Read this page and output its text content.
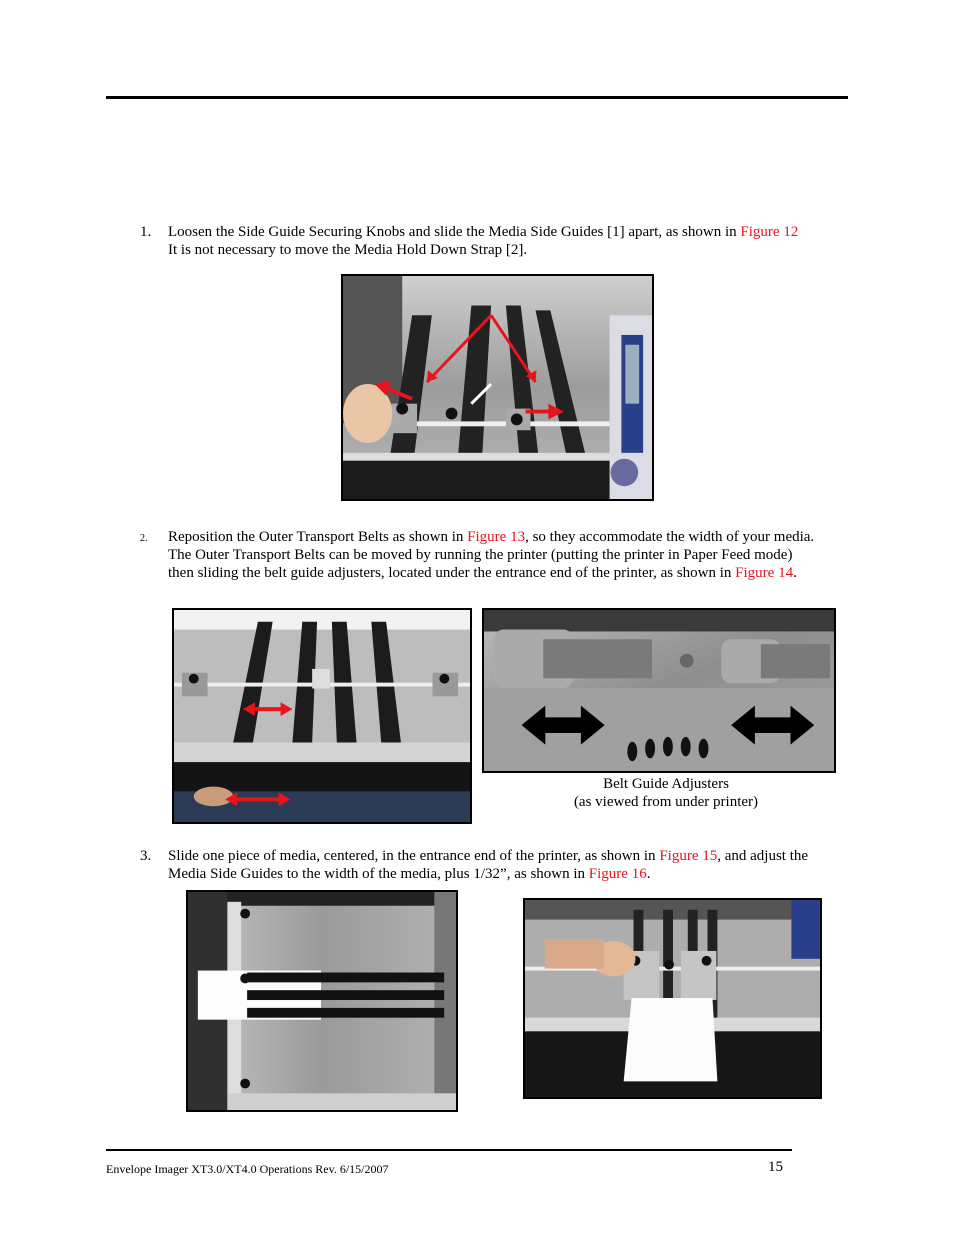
1. Loosen the Side Guide Securing Knobs and slide the Media Side Guides [1] apart, as shown in Figure 12
It is not necessary to move the Media Hold Down Strap [2].
2. Reposition the Outer Transport Belts as shown in Figure 13, so they accommodate the width of your media.
The Outer Transport Belts can be moved by running the printer (putting the printer in Paper Feed mode)
then sliding the belt guide adjusters, located under the entrance end of the printer, as shown in Figure 14.
Belt Guide Adjusters
(as viewed from under printer)
3. Slide one piece of media, centered, in the entrance end of the printer, as shown in Figure 15, and adjust the
Media Side Guides to the width of the media, plus 1/32”, as shown in Figure 16.
Envelope Imager XT3.0/XT4.0 Operations Rev. 6/15/2007	15
